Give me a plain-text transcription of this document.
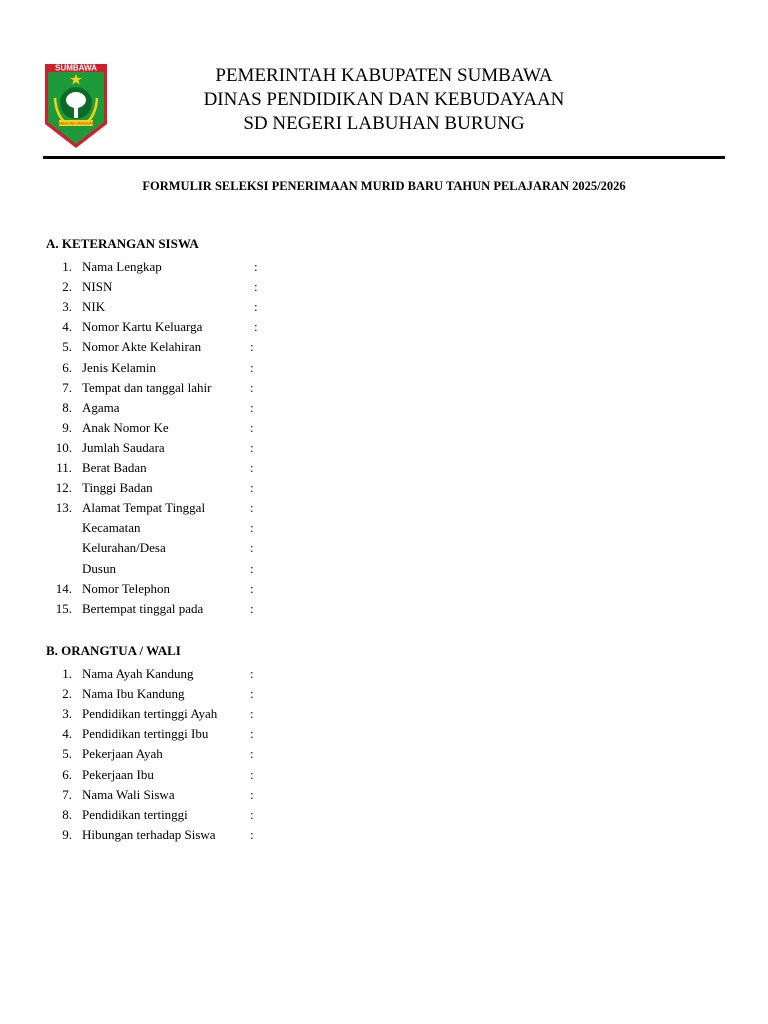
SUMBAWA
SABALONG SAMALEWA
PEMERINTAH KABUPATEN SUMBAWA
DINAS PENDIDIKAN DAN KEBUDAYAAN
SD NEGERI LABUHAN BURUNG
FORMULIR SELEKSI PENERIMAAN MURID BARU TAHUN PELAJARAN 2025/2026
A. KETERANGAN SISWA
1. Nama Lengkap	:
2. NISN	:
3. NIK	:
4. Nomor Kartu Keluarga	:
5. Nomor Akte Kelahiran	:
6. Jenis Kelamin	:
7. Tempat dan tanggal lahir	:
8. Agama	:
9. Anak Nomor Ke	:
10. Jumlah Saudara	:
11. Berat Badan	:
12. Tinggi Badan	:
13. Alamat Tempat Tinggal	:
Kecamatan	:
Kelurahan/Desa	:
Dusun	:
14. Nomor Telephon	:
15. Bertempat tinggal pada	:
B. ORANGTUA / WALI
1. Nama Ayah Kandung	:
2. Nama Ibu Kandung	:
3. Pendidikan tertinggi Ayah	:
4. Pendidikan tertinggi Ibu	:
5. Pekerjaan Ayah	:
6. Pekerjaan Ibu	:
7. Nama Wali Siswa	:
8. Pendidikan tertinggi	:
9. Hibungan terhadap Siswa	:
